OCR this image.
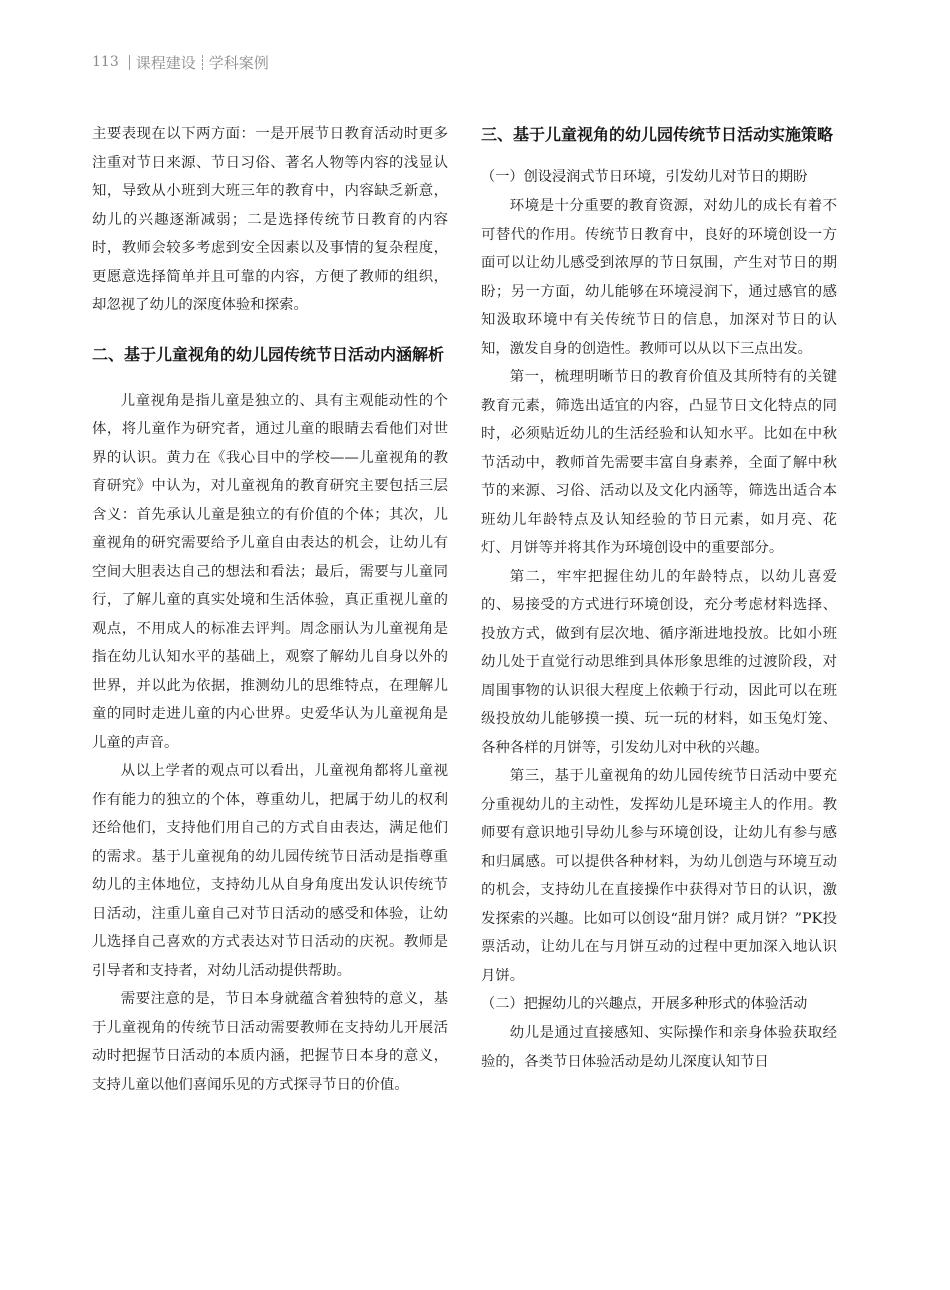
113 课程建设 学科案例

主要表现在以下两方面：一是开展节日教育活动时更多注重对节日来源、节日习俗、著名人物等内容的浅显认知，导致从小班到大班三年的教育中，内容缺乏新意，幼儿的兴趣逐渐减弱；二是选择传统节日教育的内容时，教师会较多考虑到安全因素以及事情的复杂程度，更愿意选择简单并且可靠的内容，方便了教师的组织，却忽视了幼儿的深度体验和探索。

二、基于儿童视角的幼儿园传统节日活动内涵解析

儿童视角是指儿童是独立的、具有主观能动性的个体，将儿童作为研究者，通过儿童的眼睛去看他们对世界的认识。黄力在《我心目中的学校——儿童视角的教育研究》中认为，对儿童视角的教育研究主要包括三层含义：首先承认儿童是独立的有价值的个体；其次，儿童视角的研究需要给予儿童自由表达的机会，让幼儿有空间大胆表达自己的想法和看法；最后，需要与儿童同行，了解儿童的真实处境和生活体验，真正重视儿童的观点，不用成人的标准去评判。周念丽认为儿童视角是指在幼儿认知水平的基础上，观察了解幼儿自身以外的世界，并以此为依据，推测幼儿的思维特点，在理解儿童的同时走进儿童的内心世界。史爱华认为儿童视角是儿童的声音。

从以上学者的观点可以看出，儿童视角都将儿童视作有能力的独立的个体，尊重幼儿，把属于幼儿的权利还给他们，支持他们用自己的方式自由表达，满足他们的需求。基于儿童视角的幼儿园传统节日活动是指尊重幼儿的主体地位，支持幼儿从自身角度出发认识传统节日活动，注重儿童自己对节日活动的感受和体验，让幼儿选择自己喜欢的方式表达对节日活动的庆祝。教师是引导者和支持者，对幼儿活动提供帮助。

需要注意的是，节日本身就蕴含着独特的意义，基于儿童视角的传统节日活动需要教师在支持幼儿开展活动时把握节日活动的本质内涵，把握节日本身的意义，支持儿童以他们喜闻乐见的方式探寻节日的价值。

三、基于儿童视角的幼儿园传统节日活动实施策略

（一）创设浸润式节日环境，引发幼儿对节日的期盼

环境是十分重要的教育资源，对幼儿的成长有着不可替代的作用。传统节日教育中，良好的环境创设一方面可以让幼儿感受到浓厚的节日氛围，产生对节日的期盼；另一方面，幼儿能够在环境浸润下，通过感官的感知汲取环境中有关传统节日的信息，加深对节日的认知，激发自身的创造性。教师可以从以下三点出发。

第一，梳理明晰节日的教育价值及其所特有的关键教育元素，筛选出适宜的内容，凸显节日文化特点的同时，必须贴近幼儿的生活经验和认知水平。比如在中秋节活动中，教师首先需要丰富自身素养，全面了解中秋节的来源、习俗、活动以及文化内涵等，筛选出适合本班幼儿年龄特点及认知经验的节日元素，如月亮、花灯、月饼等并将其作为环境创设中的重要部分。

第二，牢牢把握住幼儿的年龄特点，以幼儿喜爱的、易接受的方式进行环境创设，充分考虑材料选择、投放方式，做到有层次地、循序渐进地投放。比如小班幼儿处于直觉行动思维到具体形象思维的过渡阶段，对周围事物的认识很大程度上依赖于行动，因此可以在班级投放幼儿能够摸一摸、玩一玩的材料，如玉兔灯笼、各种各样的月饼等，引发幼儿对中秋的兴趣。

第三，基于儿童视角的幼儿园传统节日活动中要充分重视幼儿的主动性，发挥幼儿是环境主人的作用。教师要有意识地引导幼儿参与环境创设，让幼儿有参与感和归属感。可以提供各种材料，为幼儿创造与环境互动的机会，支持幼儿在直接操作中获得对节日的认识，激发探索的兴趣。比如可以创设“甜月饼？咸月饼？”PK投票活动，让幼儿在与月饼互动的过程中更加深入地认识月饼。

（二）把握幼儿的兴趣点，开展多种形式的体验活动

幼儿是通过直接感知、实际操作和亲身体验获取经验的，各类节日体验活动是幼儿深度认知节日
